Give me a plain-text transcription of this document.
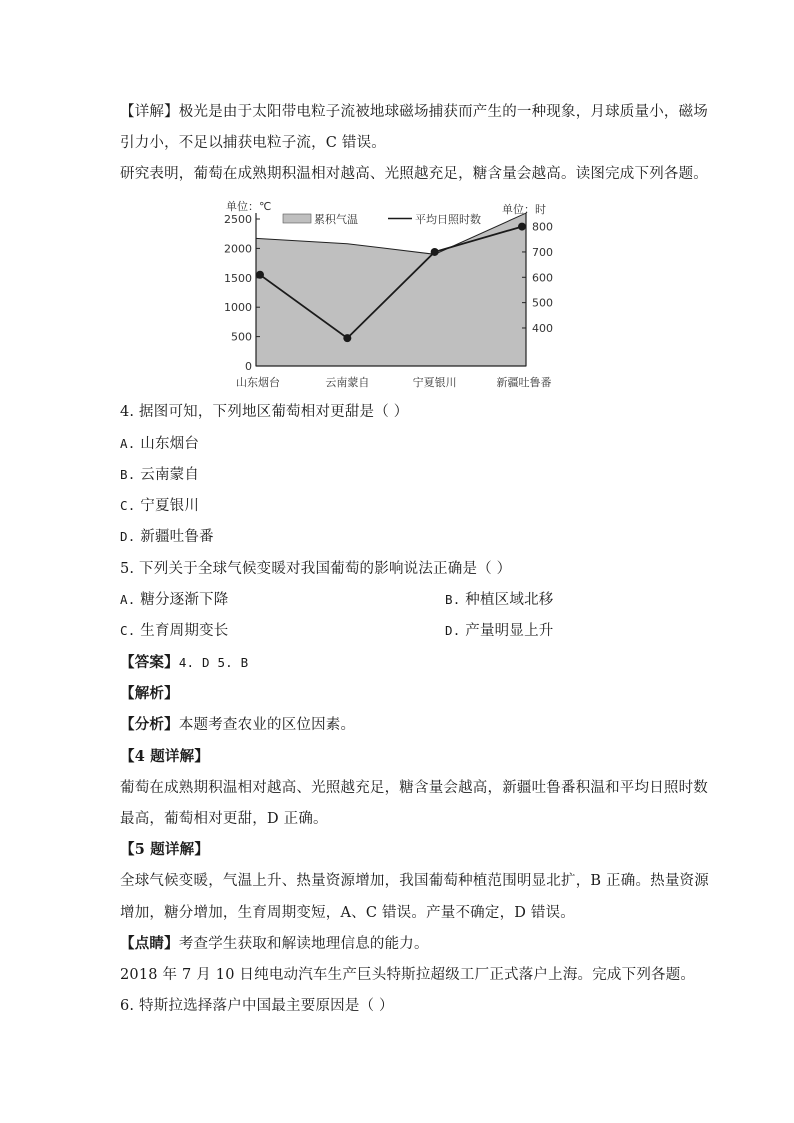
【详解】极光是由于太阳带电粒子流被地球磁场捕获而产生的一种现象，月球质量小，磁场
引力小，不足以捕获电粒子流，C 错误。
研究表明，葡萄在成熟期积温相对越高、光照越充足，糖含量会越高。读图完成下列各题。
单位：℃	单位：时
累积气温	平均日照时数
0
500
1000
1500
2000
2500
400
500
600
700
800
山东烟台	云南蒙自	宁夏银川	新疆吐鲁番
4. 据图可知，下列地区葡萄相对更甜是（ ）
A. 山东烟台
B. 云南蒙自
C. 宁夏银川
D. 新疆吐鲁番
5. 下列关于全球气候变暖对我国葡萄的影响说法正确是（ ）
A. 糖分逐渐下降	B. 种植区域北移
C. 生育周期变长	D. 产量明显上升
【答案】4. D 5. B
【解析】
【分析】本题考查农业的区位因素。
【4 题详解】
葡萄在成熟期积温相对越高、光照越充足，糖含量会越高，新疆吐鲁番积温和平均日照时数
最高，葡萄相对更甜，D 正确。
【5 题详解】
全球气候变暖，气温上升、热量资源增加，我国葡萄种植范围明显北扩，B 正确。热量资源
增加，糖分增加，生育周期变短，A、C 错误。产量不确定，D 错误。
【点睛】考查学生获取和解读地理信息的能力。
2018 年 7 月 10 日纯电动汽车生产巨头特斯拉超级工厂正式落户上海。完成下列各题。
6. 特斯拉选择落户中国最主要原因是（ ）
